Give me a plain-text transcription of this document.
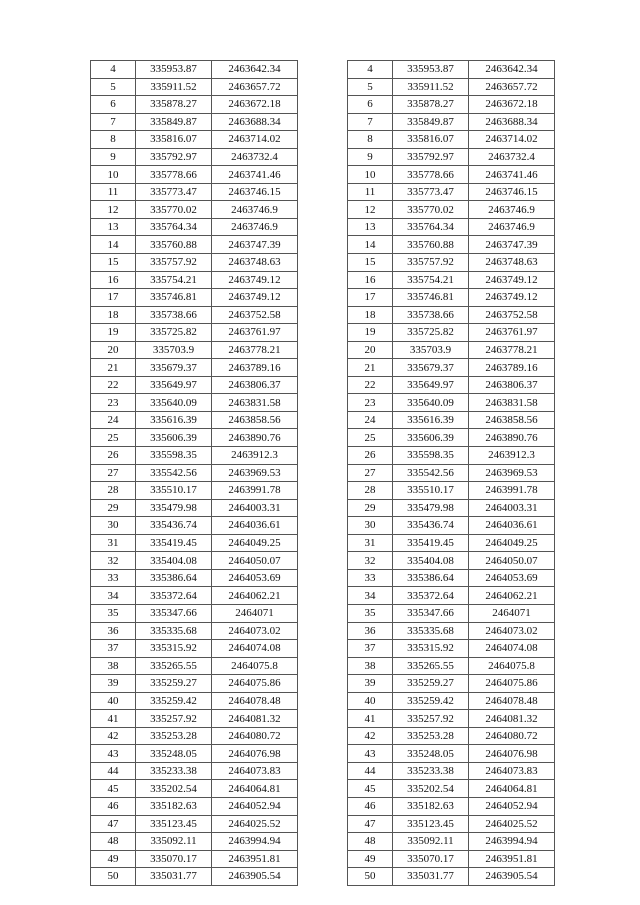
4	335953.87	2463642.34
5	335911.52	2463657.72
6	335878.27	2463672.18
7	335849.87	2463688.34
8	335816.07	2463714.02
9	335792.97	2463732.4
10	335778.66	2463741.46
11	335773.47	2463746.15
12	335770.02	2463746.9
13	335764.34	2463746.9
14	335760.88	2463747.39
15	335757.92	2463748.63
16	335754.21	2463749.12
17	335746.81	2463749.12
18	335738.66	2463752.58
19	335725.82	2463761.97
20	335703.9	2463778.21
21	335679.37	2463789.16
22	335649.97	2463806.37
23	335640.09	2463831.58
24	335616.39	2463858.56
25	335606.39	2463890.76
26	335598.35	2463912.3
27	335542.56	2463969.53
28	335510.17	2463991.78
29	335479.98	2464003.31
30	335436.74	2464036.61
31	335419.45	2464049.25
32	335404.08	2464050.07
33	335386.64	2464053.69
34	335372.64	2464062.21
35	335347.66	2464071
36	335335.68	2464073.02
37	335315.92	2464074.08
38	335265.55	2464075.8
39	335259.27	2464075.86
40	335259.42	2464078.48
41	335257.92	2464081.32
42	335253.28	2464080.72
43	335248.05	2464076.98
44	335233.38	2464073.83
45	335202.54	2464064.81
46	335182.63	2464052.94
47	335123.45	2464025.52
48	335092.11	2463994.94
49	335070.17	2463951.81
50	335031.77	2463905.54
4	335953.87	2463642.34
5	335911.52	2463657.72
6	335878.27	2463672.18
7	335849.87	2463688.34
8	335816.07	2463714.02
9	335792.97	2463732.4
10	335778.66	2463741.46
11	335773.47	2463746.15
12	335770.02	2463746.9
13	335764.34	2463746.9
14	335760.88	2463747.39
15	335757.92	2463748.63
16	335754.21	2463749.12
17	335746.81	2463749.12
18	335738.66	2463752.58
19	335725.82	2463761.97
20	335703.9	2463778.21
21	335679.37	2463789.16
22	335649.97	2463806.37
23	335640.09	2463831.58
24	335616.39	2463858.56
25	335606.39	2463890.76
26	335598.35	2463912.3
27	335542.56	2463969.53
28	335510.17	2463991.78
29	335479.98	2464003.31
30	335436.74	2464036.61
31	335419.45	2464049.25
32	335404.08	2464050.07
33	335386.64	2464053.69
34	335372.64	2464062.21
35	335347.66	2464071
36	335335.68	2464073.02
37	335315.92	2464074.08
38	335265.55	2464075.8
39	335259.27	2464075.86
40	335259.42	2464078.48
41	335257.92	2464081.32
42	335253.28	2464080.72
43	335248.05	2464076.98
44	335233.38	2464073.83
45	335202.54	2464064.81
46	335182.63	2464052.94
47	335123.45	2464025.52
48	335092.11	2463994.94
49	335070.17	2463951.81
50	335031.77	2463905.54
